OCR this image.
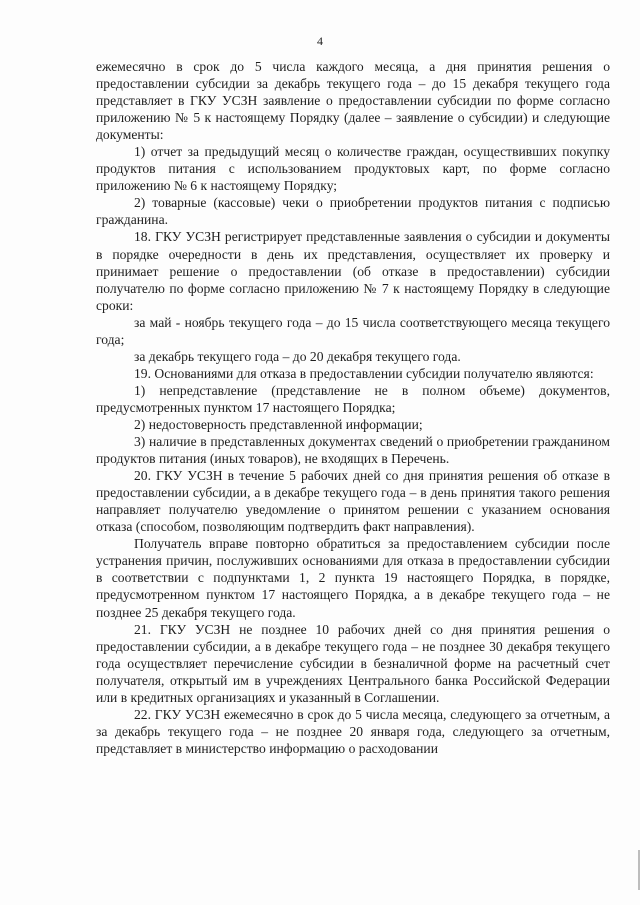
4

ежемесячно в срок до 5 числа каждого месяца, а дня принятия решения о предоставлении субсидии за декабрь текущего года – до 15 декабря текущего года представляет в ГКУ УСЗН заявление о предоставлении субсидии по форме согласно приложению № 5 к настоящему Порядку (далее – заявление о субсидии) и следующие документы:

1) отчет за предыдущий месяц о количестве граждан, осуществивших покупку продуктов питания с использованием продуктовых карт, по форме согласно приложению № 6 к настоящему Порядку;

2) товарные (кассовые) чеки о приобретении продуктов питания с подписью гражданина.

18. ГКУ УСЗН регистрирует представленные заявления о субсидии и документы в порядке очередности в день их представления, осуществляет их проверку и принимает решение о предоставлении (об отказе в предоставлении) субсидии получателю по форме согласно приложению № 7 к настоящему Порядку в следующие сроки:

за май - ноябрь текущего года – до 15 числа соответствующего месяца текущего года;

за декабрь текущего года – до 20 декабря текущего года.

19. Основаниями для отказа в предоставлении субсидии получателю являются:

1) непредставление (представление не в полном объеме) документов, предусмотренных пунктом 17 настоящего Порядка;

2) недостоверность представленной информации;

3) наличие в представленных документах сведений о приобретении гражданином продуктов питания (иных товаров), не входящих в Перечень.

20. ГКУ УСЗН в течение 5 рабочих дней со дня принятия решения об отказе в предоставлении субсидии, а в декабре текущего года – в день принятия такого решения направляет получателю уведомление о принятом решении с указанием основания отказа (способом, позволяющим подтвердить факт направления).

Получатель вправе повторно обратиться за предоставлением субсидии после устранения причин, послуживших основаниями для отказа в предоставлении субсидии в соответствии с подпунктами 1, 2 пункта 19 настоящего Порядка, в порядке, предусмотренном пунктом 17 настоящего Порядка, а в декабре текущего года – не позднее 25 декабря текущего года.

21. ГКУ УСЗН не позднее 10 рабочих дней со дня принятия решения о предоставлении субсидии, а в декабре текущего года – не позднее 30 декабря текущего года осуществляет перечисление субсидии в безналичной форме на расчетный счет получателя, открытый им в учреждениях Центрального банка Российской Федерации или в кредитных организациях и указанный в Соглашении.

22. ГКУ УСЗН ежемесячно в срок до 5 числа месяца, следующего за отчетным, а за декабрь текущего года – не позднее 20 января года, следующего за отчетным, представляет в министерство информацию о расходовании
